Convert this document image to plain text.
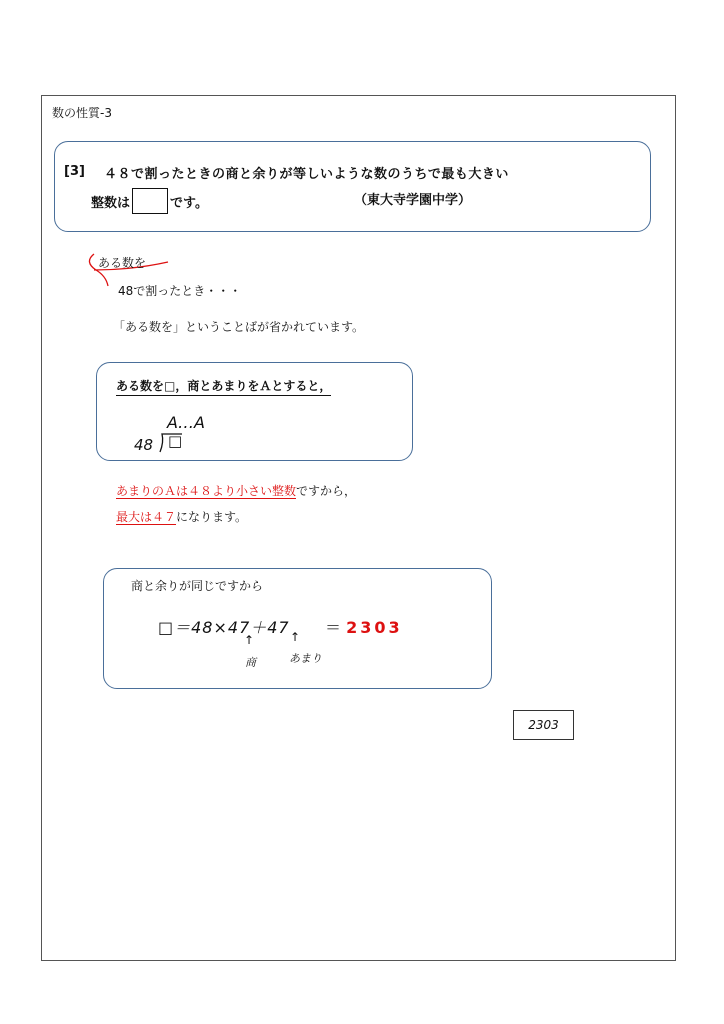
数の性質-3
[3] ４８で割ったときの商と余りが等しいような数のうちで最も大きい
整数は	です。	（東大寺学園中学）
ある数を
48で割ったとき・・・
「ある数を」ということばが省かれています。
ある数を□，商とあまりをＡとすると，
A…A
48 □
あまりのＡは４８より小さい整数ですから，
最大は４７になります。
商と余りが同じですから
□＝48×47＋47 ＝ 2303
↑	↑
商	あまり
2303
